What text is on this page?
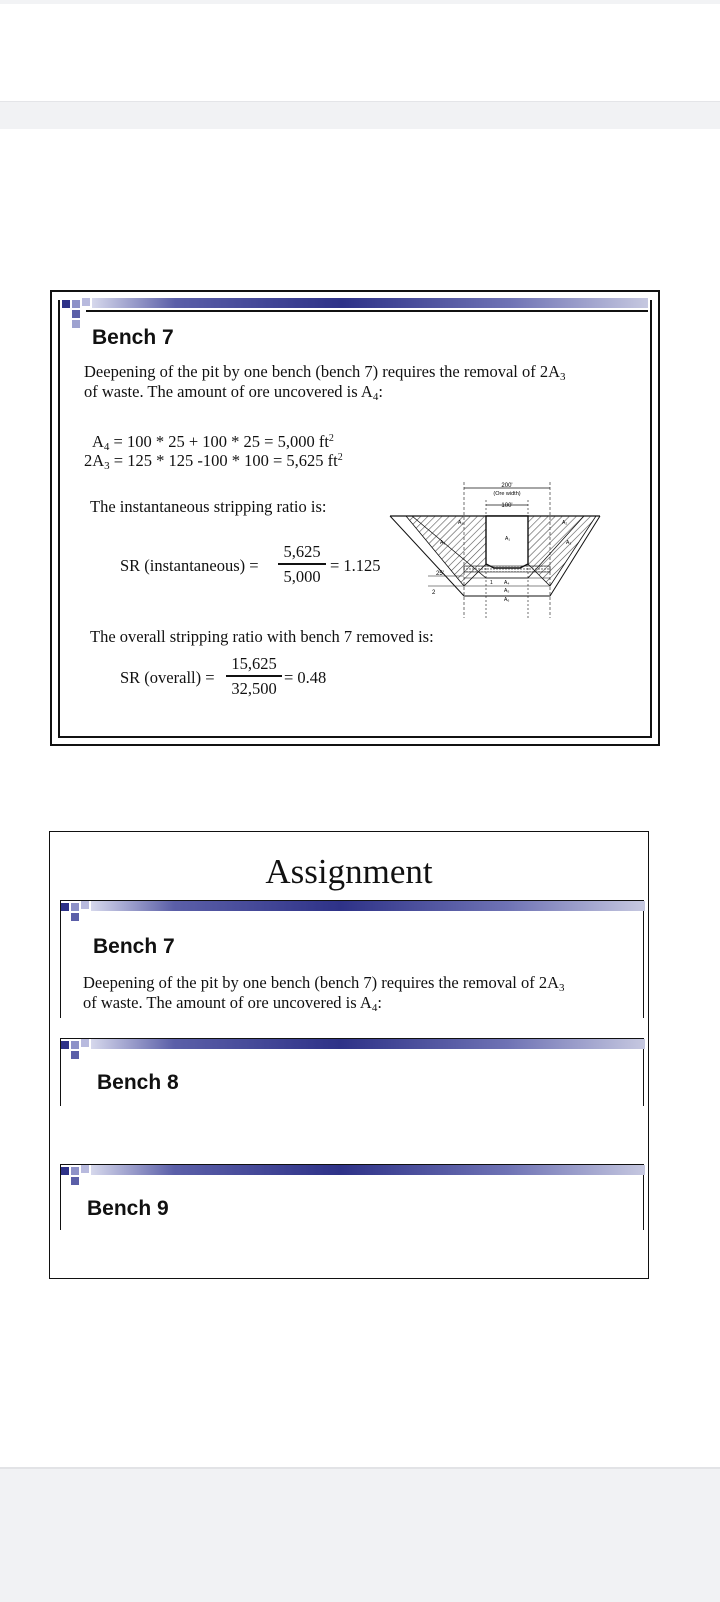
Bench 7
Deepening of the pit by one bench (bench 7) requires the removal of $2A_3$
of waste. The amount of ore uncovered is $A_4$:
$A_4 = 100 * 25 + 100 * 25 = 5,000$ $ft^2$
$2A_3 = 125 * 125$ -100 * 100 = 5,625 $ft^2$
The instantaneous stripping ratio is:
SR (instantaneous) =
5,625
5,000
= 1.125
200'
(Ore width)
100'
A₁
A₁
A₂
A₃	A₃
A₄
A₅
A₆
1
25'
2
The overall stripping ratio with bench 7 removed is:
SR (overall) =
15,625
32,500
= 0.48
Assignment
Bench 7
Deepening of the pit by one bench (bench 7) requires the removal of $2A_3$
of waste. The amount of ore uncovered is $A_4$:
Bench 8
Bench 9
